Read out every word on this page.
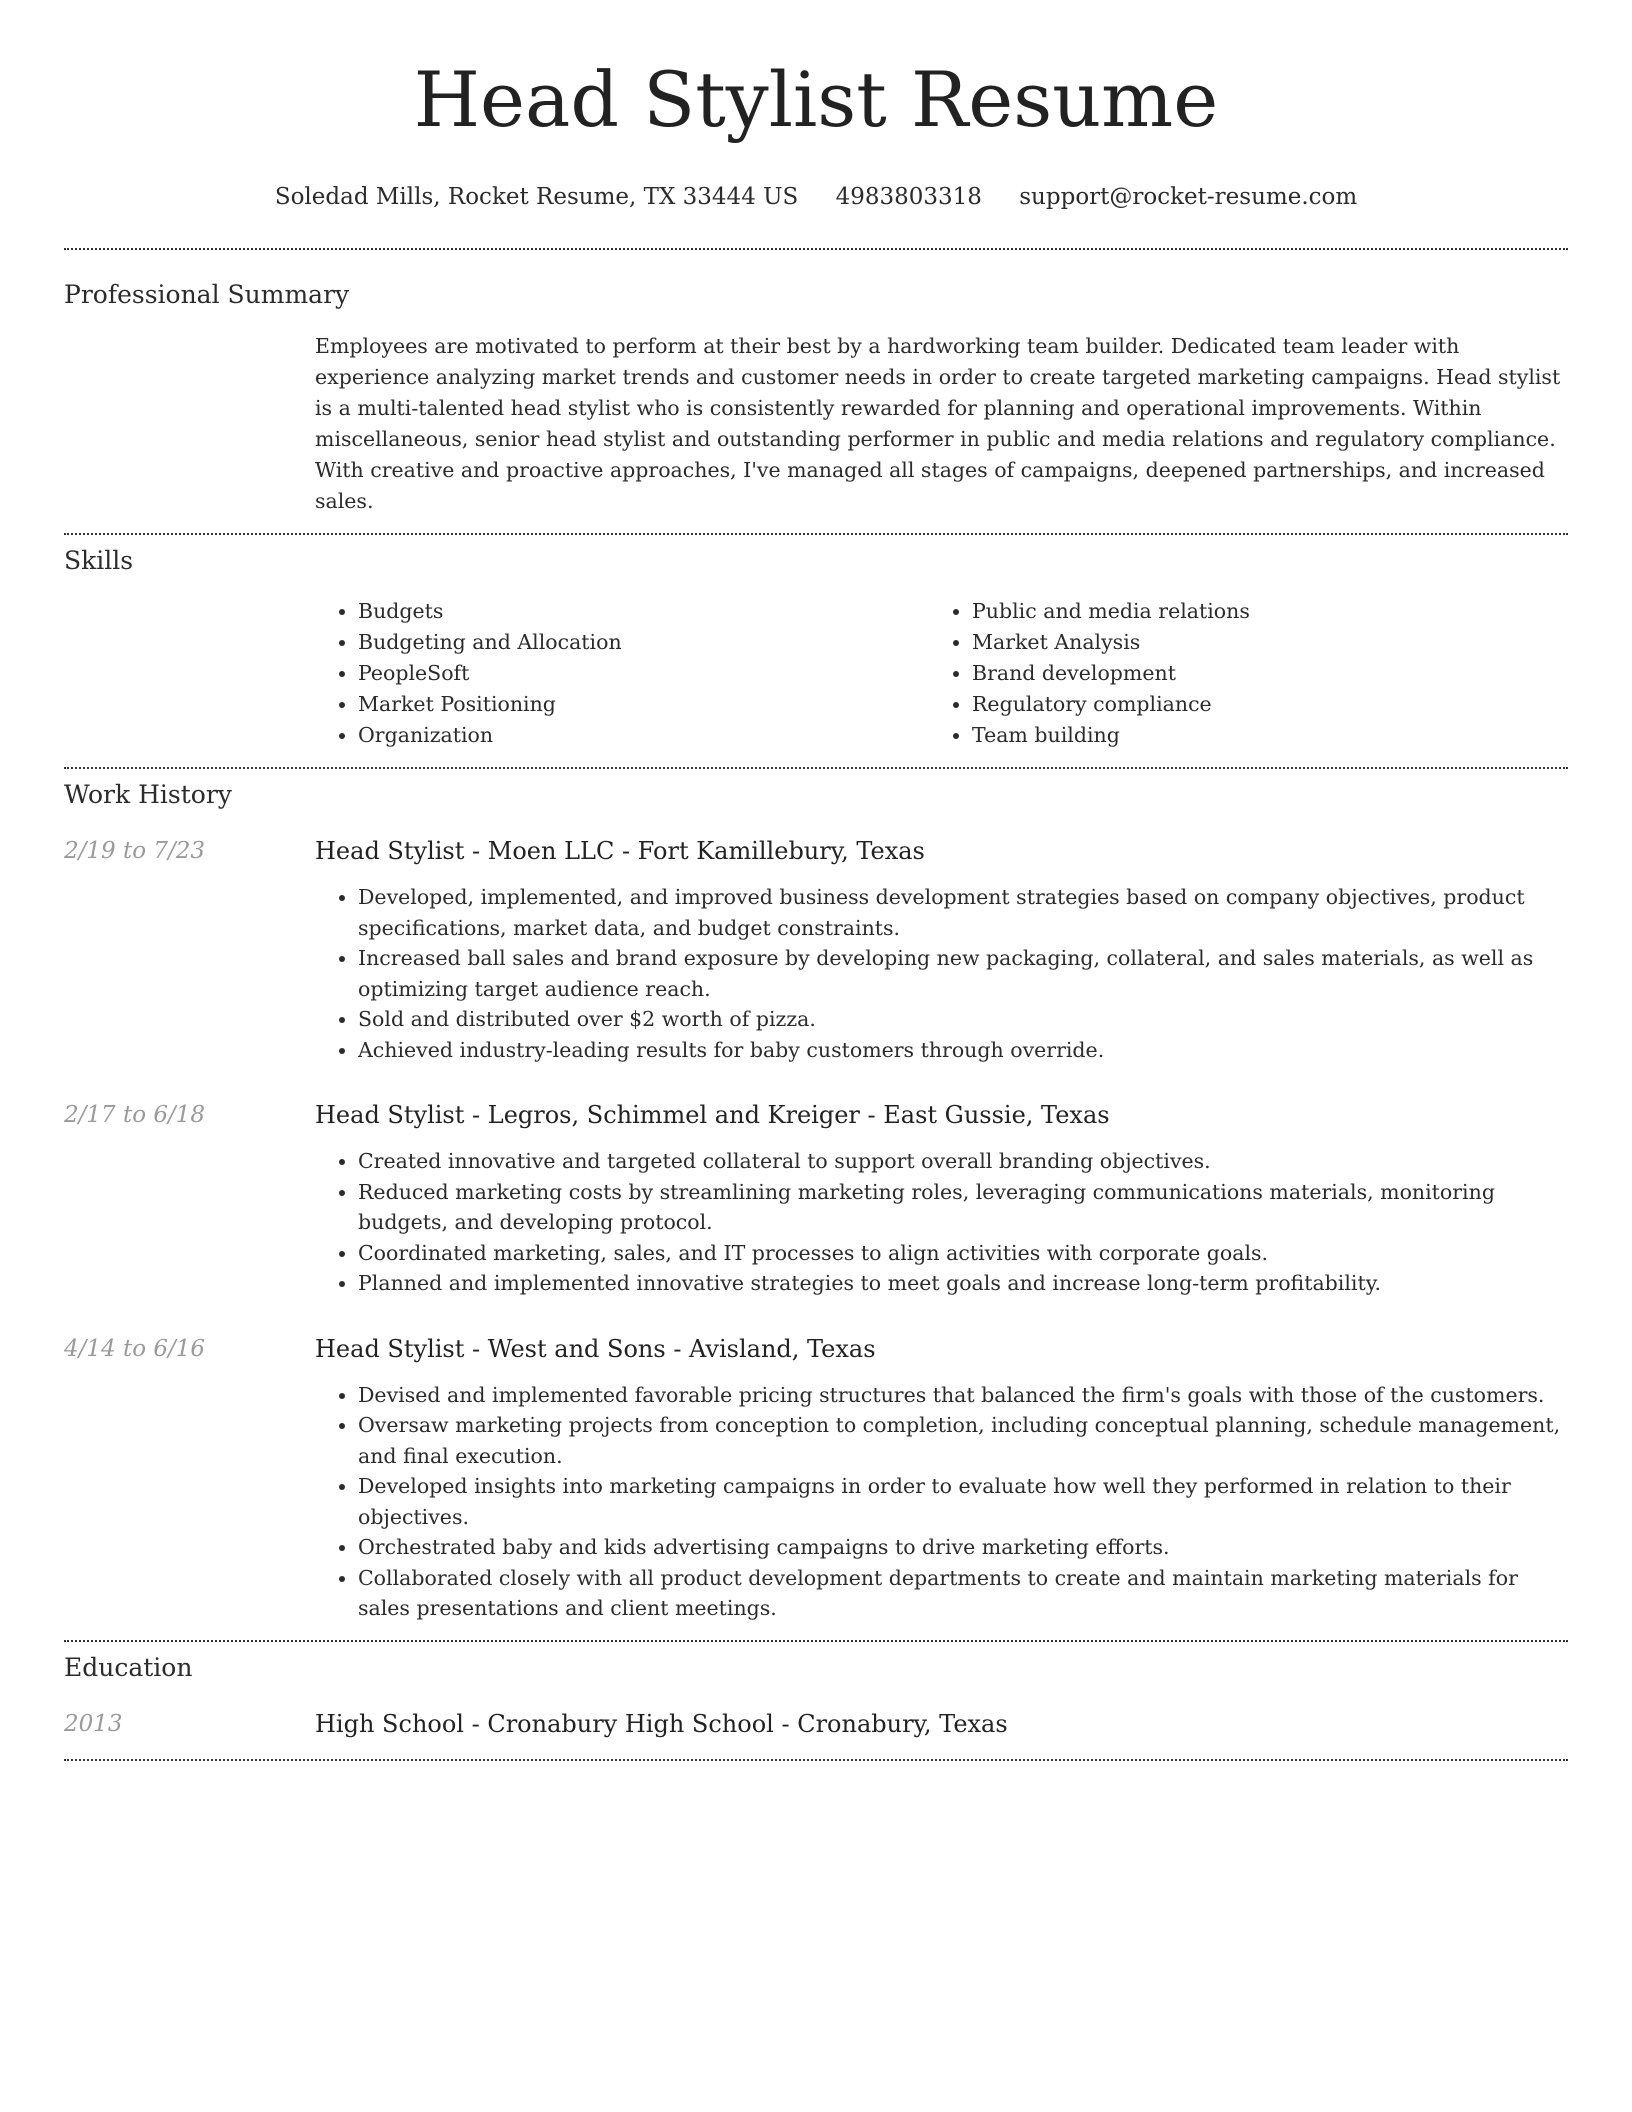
Head Stylist Resume
Soledad Mills, Rocket Resume, TX 33444 US 4983803318 support@rocket-resume.com
Professional Summary

Employees are motivated to perform at their best by a hardworking team builder. Dedicated team leader with experience analyzing market trends and customer needs in order to create targeted marketing campaigns. Head stylist is a multi-talented head stylist who is consistently rewarded for planning and operational improvements. Within miscellaneous, senior head stylist and outstanding performer in public and media relations and regulatory compliance. With creative and proactive approaches, I've managed all stages of campaigns, deepened partnerships, and increased sales.

Skills
• Budgets
• Budgeting and Allocation
• PeopleSoft
• Market Positioning
• Organization
• Public and media relations
• Market Analysis
• Brand development
• Regulatory compliance
• Team building
Work History
2/19 to 7/23	Head Stylist - Moen LLC - Fort Kamillebury, Texas
• Developed, implemented, and improved business development strategies based on company objectives, product specifications, market data, and budget constraints.
• Increased ball sales and brand exposure by developing new packaging, collateral, and sales materials, as well as optimizing target audience reach.
• Sold and distributed over $2 worth of pizza.
• Achieved industry-leading results for baby customers through override.
2/17 to 6/18	Head Stylist - Legros, Schimmel and Kreiger - East Gussie, Texas
• Created innovative and targeted collateral to support overall branding objectives.
• Reduced marketing costs by streamlining marketing roles, leveraging communications materials, monitoring budgets, and developing protocol.
• Coordinated marketing, sales, and IT processes to align activities with corporate goals.
• Planned and implemented innovative strategies to meet goals and increase long-term profitability.
4/14 to 6/16	Head Stylist - West and Sons - Avisland, Texas
• Devised and implemented favorable pricing structures that balanced the firm's goals with those of the customers.
• Oversaw marketing projects from conception to completion, including conceptual planning, schedule management, and final execution.
• Developed insights into marketing campaigns in order to evaluate how well they performed in relation to their objectives.
• Orchestrated baby and kids advertising campaigns to drive marketing efforts.
• Collaborated closely with all product development departments to create and maintain marketing materials for sales presentations and client meetings.
Education
2013	High School - Cronabury High School - Cronabury, Texas
